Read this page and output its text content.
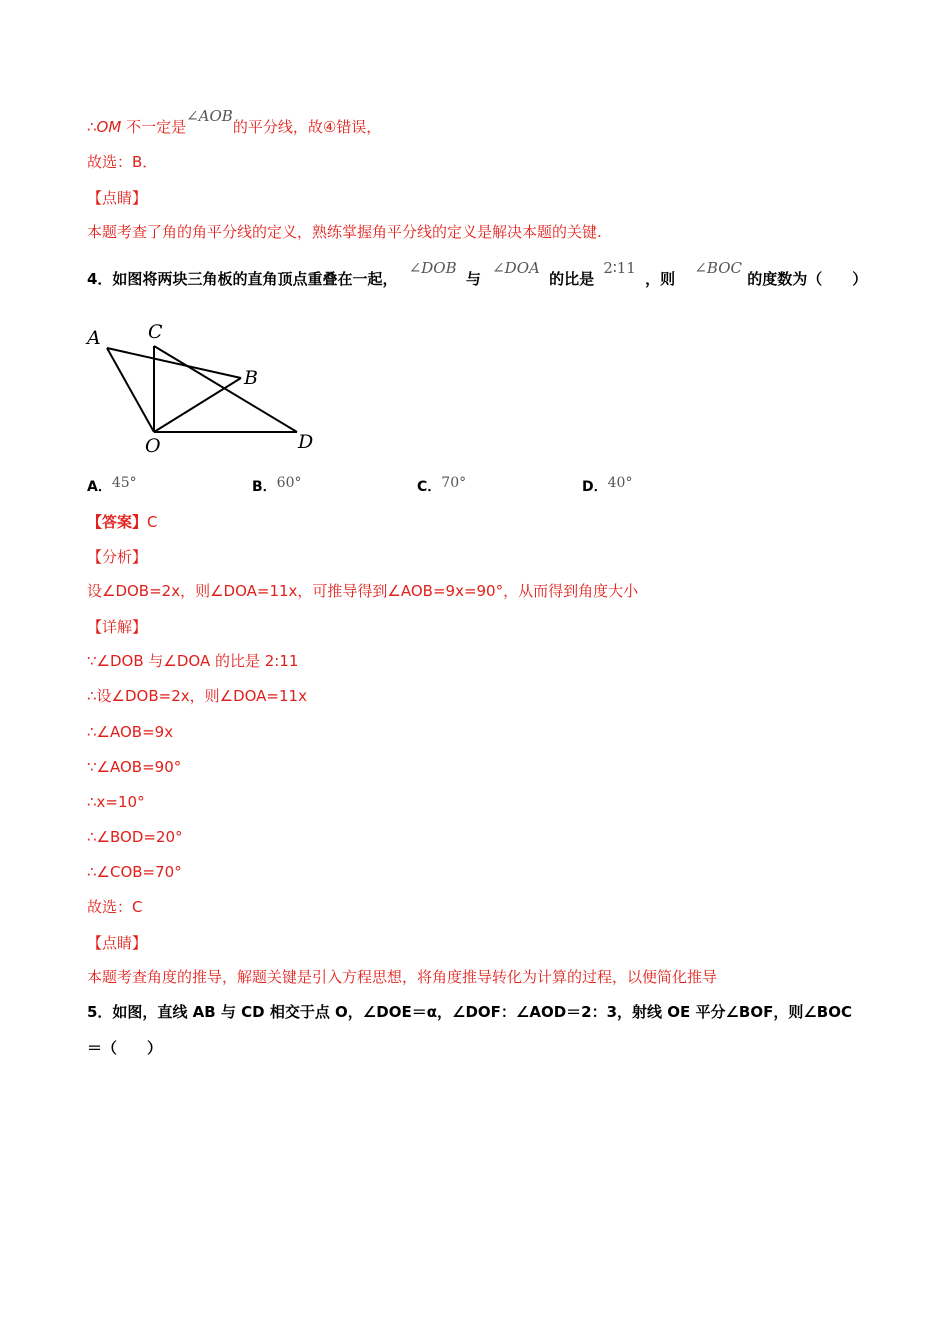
∴OM 不一定是∠AOB的平分线，故④错误，
故选：B．
【点睛】
本题考查了角的角平分线的定义，熟练掌握角平分线的定义是解决本题的关键.
4．如图将两块三角板的直角顶点重叠在一起， ∠DOB 与 ∠DOA 的比是 2∶11 ，则 ∠BOC 的度数为（　　）
A C
B
O	D
A．45°	B．60°	C．70°	D．40°
【答案】C
【分析】
设∠DOB=2x，则∠DOA=11x，可推导得到∠AOB=9x=90°，从而得到角度大小
【详解】
∵∠DOB 与∠DOA 的比是 2:11
∴设∠DOB=2x，则∠DOA=11x
∴∠AOB=9x
∵∠AOB=90°
∴x=10°
∴∠BOD=20°
∴∠COB=70°
故选：C
【点睛】
本题考查角度的推导，解题关键是引入方程思想，将角度推导转化为计算的过程，以便简化推导
5．如图，直线 AB 与 CD 相交于点 O，∠DOE＝α，∠DOF：∠AOD＝2：3，射线 OE 平分∠BOF，则∠BOC
＝（　　）
